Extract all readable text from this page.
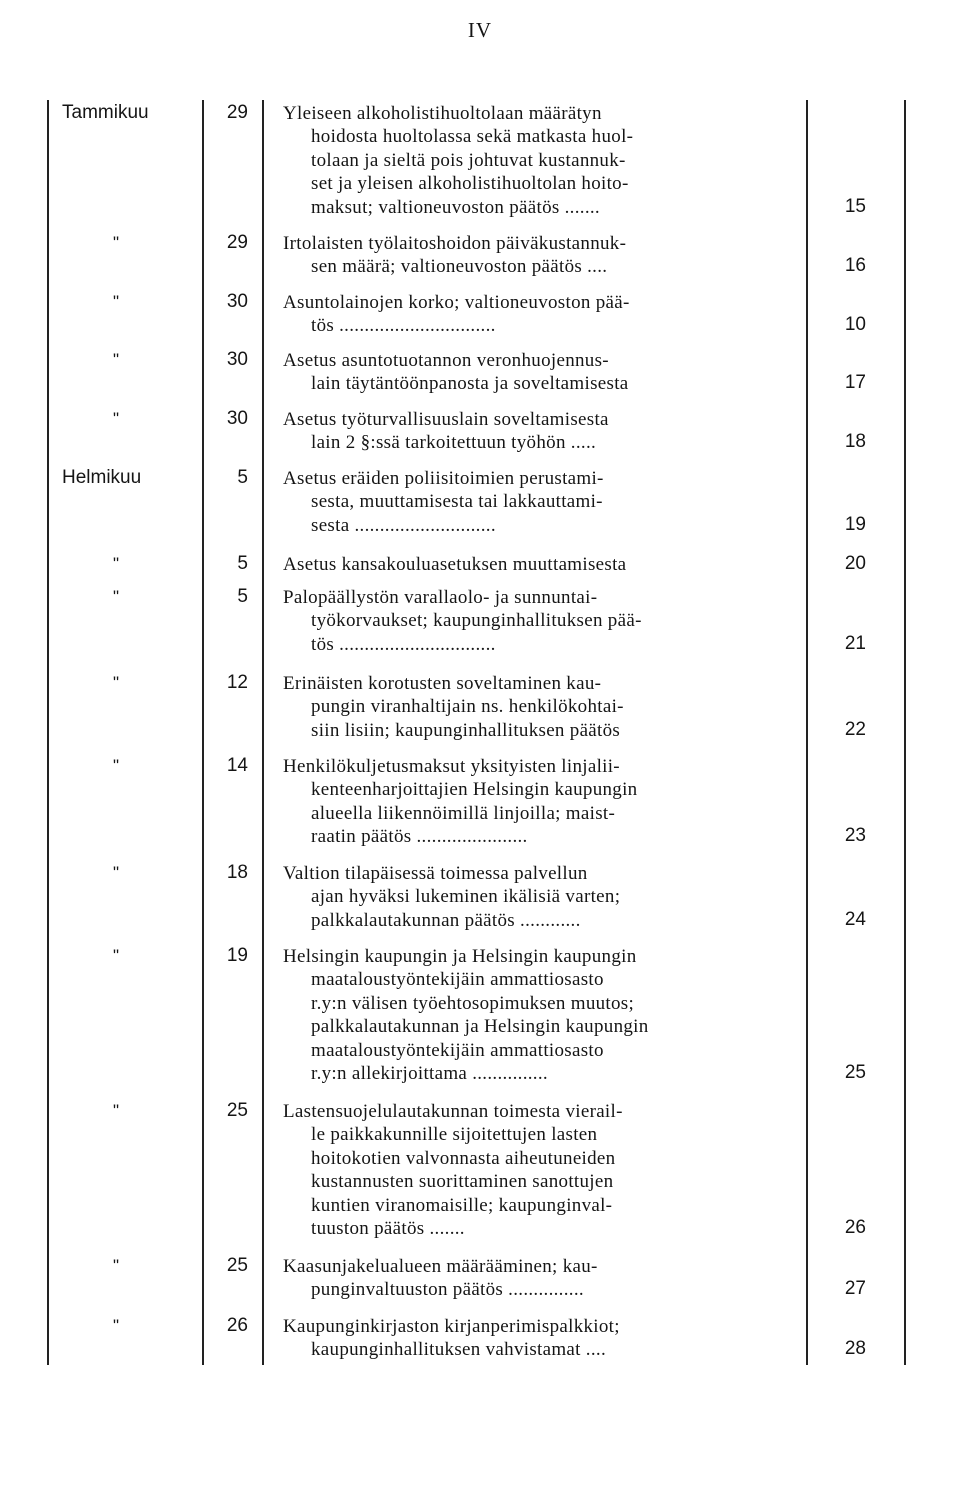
IV
Tammikuu	29 Yleiseen alkoholistihuoltolaan määrätyn
hoidosta huoltolassa sekä matkasta huol-
tolaan ja sieltä pois johtuvat kustannuk-
set ja yleisen alkoholistihuoltolan hoito-
maksut; valtioneuvoston päätös .......	15
"	29 Irtolaisten työlaitoshoidon päiväkustannuk-
sen määrä; valtioneuvoston päätös ....	16
"	30 Asuntolainojen korko; valtioneuvoston pää-
tös ...............................	10
"	30 Asetus asuntotuotannon veronhuojennus-
lain täytäntöönpanosta ja soveltamisesta	17
"	30 Asetus työturvallisuuslain soveltamisesta
lain 2 §:ssä tarkoitettuun työhön .....	18
Helmikuu	5 Asetus eräiden poliisitoimien perustami-
sesta, muuttamisesta tai lakkauttami-
sesta ............................	19
"	5 Asetus kansakouluasetuksen muuttamisesta	20
"	5 Palopäällystön varallaolo- ja sunnuntai-
työkorvaukset; kaupunginhallituksen pää-
tös ...............................	21
"	12 Erinäisten korotusten soveltaminen kau-
pungin viranhaltijain ns. henkilökohtai-
siin lisiin; kaupunginhallituksen päätös	22
"	14 Henkilökuljetusmaksut yksityisten linjalii-
kenteenharjoittajien Helsingin kaupungin
alueella liikennöimillä linjoilla; maist-
raatin päätös ......................	23
"	18 Valtion tilapäisessä toimessa palvellun
ajan hyväksi lukeminen ikälisiä varten;
palkkalautakunnan päätös ............	24
"	19 Helsingin kaupungin ja Helsingin kaupungin
maataloustyöntekijäin ammattiosasto
r.y:n välisen työehtosopimuksen muutos;
palkkalautakunnan ja Helsingin kaupungin
maataloustyöntekijäin ammattiosasto
r.y:n allekirjoittama ...............	25
"	25 Lastensuojelulautakunnan toimesta vierail-
le paikkakunnille sijoitettujen lasten
hoitokotien valvonnasta aiheutuneiden
kustannusten suorittaminen sanottujen
kuntien viranomaisille; kaupunginval-
tuuston päätös .......	26
"	25 Kaasunjakelualueen määrääminen; kau-
punginvaltuuston päätös ...............	27
"	26 Kaupunginkirjaston kirjanperimispalkkiot;
kaupunginhallituksen vahvistamat ....	28
